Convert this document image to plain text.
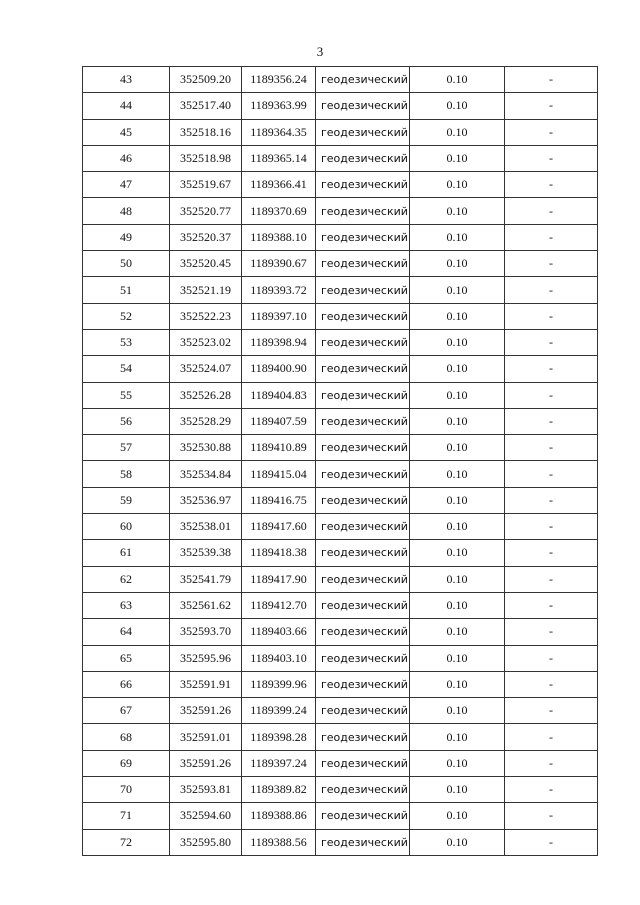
3
43	352509.20	1189356.24	геодезический	0.10	-
44	352517.40	1189363.99	геодезический	0.10	-
45	352518.16	1189364.35	геодезический	0.10	-
46	352518.98	1189365.14	геодезический	0.10	-
47	352519.67	1189366.41	геодезический	0.10	-
48	352520.77	1189370.69	геодезический	0.10	-
49	352520.37	1189388.10	геодезический	0.10	-
50	352520.45	1189390.67	геодезический	0.10	-
51	352521.19	1189393.72	геодезический	0.10	-
52	352522.23	1189397.10	геодезический	0.10	-
53	352523.02	1189398.94	геодезический	0.10	-
54	352524.07	1189400.90	геодезический	0.10	-
55	352526.28	1189404.83	геодезический	0.10	-
56	352528.29	1189407.59	геодезический	0.10	-
57	352530.88	1189410.89	геодезический	0.10	-
58	352534.84	1189415.04	геодезический	0.10	-
59	352536.97	1189416.75	геодезический	0.10	-
60	352538.01	1189417.60	геодезический	0.10	-
61	352539.38	1189418.38	геодезический	0.10	-
62	352541.79	1189417.90	геодезический	0.10	-
63	352561.62	1189412.70	геодезический	0.10	-
64	352593.70	1189403.66	геодезический	0.10	-
65	352595.96	1189403.10	геодезический	0.10	-
66	352591.91	1189399.96	геодезический	0.10	-
67	352591.26	1189399.24	геодезический	0.10	-
68	352591.01	1189398.28	геодезический	0.10	-
69	352591.26	1189397.24	геодезический	0.10	-
70	352593.81	1189389.82	геодезический	0.10	-
71	352594.60	1189388.86	геодезический	0.10	-
72	352595.80	1189388.56	геодезический	0.10	-
